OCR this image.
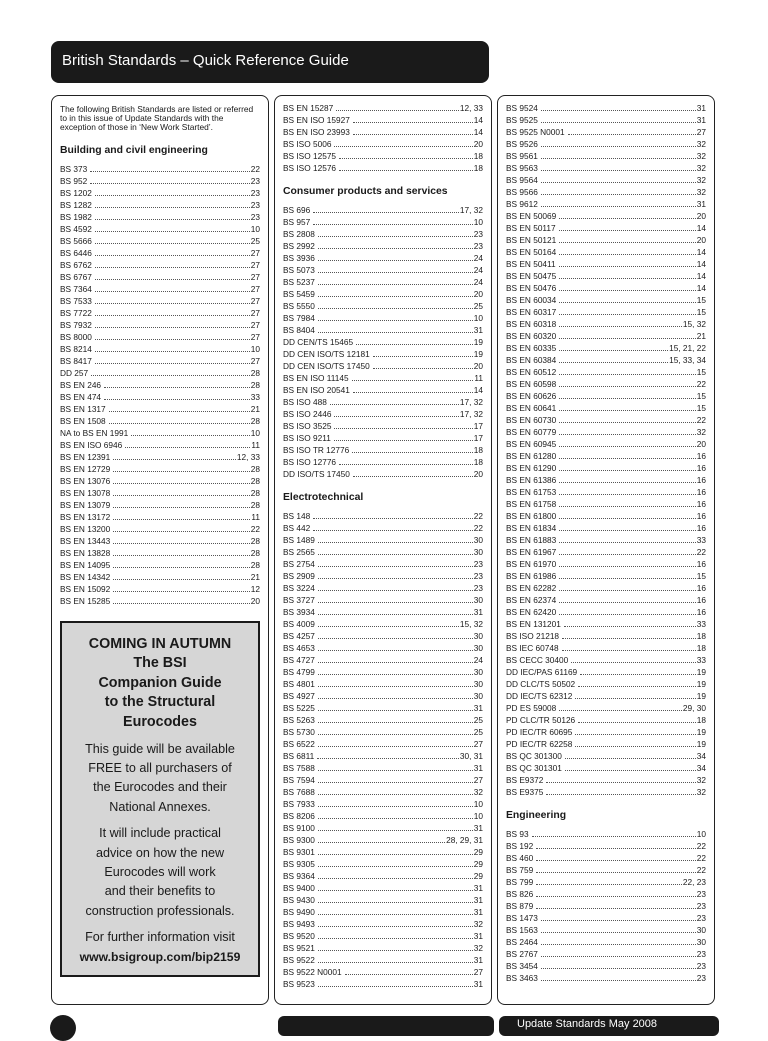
British Standards – Quick Reference Guide

The following British Standards are listed or referred to in this issue of Update Standards with the exception of those in ‘New Work Started’.

Building and civil engineering
BS 373	22
BS 952	23
BS 1202	23
BS 1282	23
BS 1982	23
BS 4592	10
BS 5666	25
BS 6446	27
BS 6762	27
BS 6767	27
BS 7364	27
BS 7533	27
BS 7722	27
BS 7932	27
BS 8000	27
BS 8214	10
BS 8417	27
DD 257	28
BS EN 246	28
BS EN 474	33
BS EN 1317	21
BS EN 1508	28
NA to BS EN 1991	10
BS EN ISO 6946	11
BS EN 12391	12, 33
BS EN 12729	28
BS EN 13076	28
BS EN 13078	28
BS EN 13079	28
BS EN 13172	11
BS EN 13200	22
BS EN 13443	28
BS EN 13828	28
BS EN 14095	28
BS EN 14342	21
BS EN 15092	12
BS EN 15285	20

COMING IN AUTUMN
The BSI
Companion Guide
to the Structural
Eurocodes

This guide will be available
FREE to all purchasers of
the Eurocodes and their
National Annexes.

It will include practical
advice on how the new
Eurocodes will work
and their benefits to
construction professionals.

For further information visit

www.bsigroup.com/bip2159

BS EN 15287	12, 33
BS EN ISO 15927	14
BS EN ISO 23993	14
BS ISO 5006	20
BS ISO 12575	18
BS ISO 12576	18
Consumer products and services
BS 696	17, 32
BS 957	10
BS 2808	23
BS 2992	23
BS 3936	24
BS 5073	24
BS 5237	24
BS 5459	20
BS 5550	25
BS 7984	10
BS 8404	31
DD CEN/TS 15465	19
DD CEN ISO/TS 12181	19
DD CEN ISO/TS 17450	20
BS EN ISO 11145	11
BS EN ISO 20541	14
BS ISO 488	17, 32
BS ISO 2446	17, 32
BS ISO 3525	17
BS ISO 9211	17
BS ISO TR 12776	18
BS ISO 12776	18
DD ISO/TS 17450	20
Electrotechnical
BS 148	22
BS 442	22
BS 1489	30
BS 2565	30
BS 2754	23
BS 2909	23
BS 3224	23
BS 3727	30
BS 3934	31
BS 4009	15, 32
BS 4257	30
BS 4653	30
BS 4727	24
BS 4799	30
BS 4801	30
BS 4927	30
BS 5225	31
BS 5263	25
BS 5730	25
BS 6522	27
BS 6811	30, 31
BS 7588	31
BS 7594	27
BS 7688	32
BS 7933	10
BS 8206	10
BS 9100	31
BS 9300	28, 29, 31
BS 9301	29
BS 9305	29
BS 9364	29
BS 9400	31
BS 9430	31
BS 9490	31
BS 9493	32
BS 9520	31
BS 9521	32
BS 9522	31
BS 9522 N0001	27
BS 9523	31
BS 9524	31
BS 9525	31
BS 9525 N0001	27
BS 9526	32
BS 9561	32
BS 9563	32
BS 9564	32
BS 9566	32
BS 9612	31
BS EN 50069	20
BS EN 50117	14
BS EN 50121	20
BS EN 50164	14
BS EN 50411	14
BS EN 50475	14
BS EN 50476	14
BS EN 60034	15
BS EN 60317	15
BS EN 60318	15, 32
BS EN 60320	21
BS EN 60335	15, 21, 22
BS EN 60384	15, 33, 34
BS EN 60512	15
BS EN 60598	22
BS EN 60626	15
BS EN 60641	15
BS EN 60730	22
BS EN 60779	32
BS EN 60945	20
BS EN 61280	16
BS EN 61290	16
BS EN 61386	16
BS EN 61753	16
BS EN 61758	16
BS EN 61800	16
BS EN 61834	16
BS EN 61883	33
BS EN 61967	22
BS EN 61970	16
BS EN 61986	15
BS EN 62282	16
BS EN 62374	16
BS EN 62420	16
BS EN 131201	33
BS ISO 21218	18
BS IEC 60748	18
BS CECC 30400	33
DD IEC/PAS 61169	19
DD CLC/TS 50502	19
DD IEC/TS 62312	19
PD ES 59008	29, 30
PD CLC/TR 50126	18
PD IEC/TR 60695	19
PD IEC/TR 62258	19
BS QC 301300	34
BS QC 301301	34
BS E9372	32
BS E9375	32
Engineering
BS 93	10
BS 192	22
BS 460	22
BS 759	22
BS 799	22, 23
BS 826	23
BS 879	23
BS 1473	23
BS 1563	30
BS 2464	30
BS 2767	23
BS 3454	23
BS 3463	23
Update Standards May 2008
